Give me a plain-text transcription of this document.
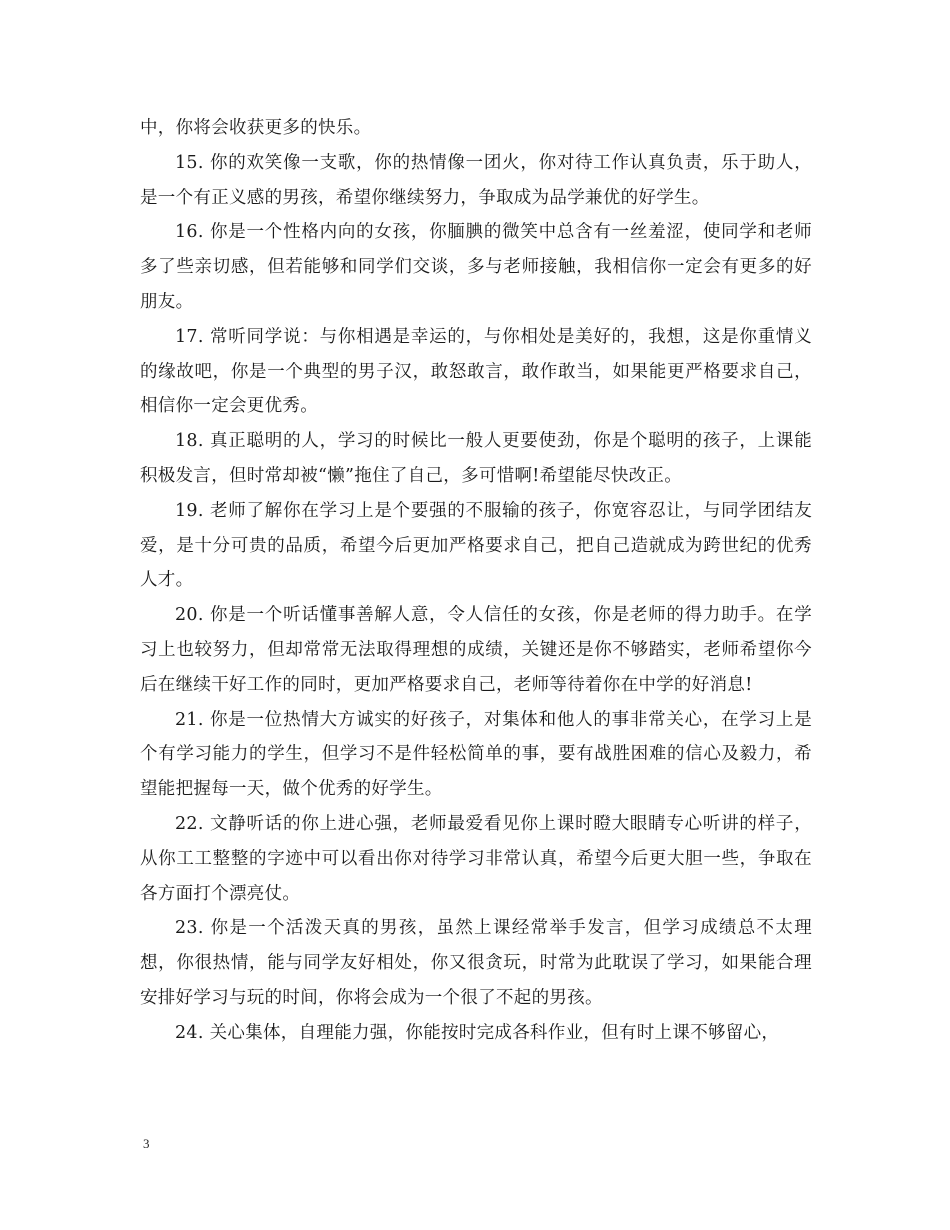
中，你将会收获更多的快乐。

15. 你的欢笑像一支歌，你的热情像一团火，你对待工作认真负责，乐于助人，是一个有正义感的男孩，希望你继续努力，争取成为品学兼优的好学生。

16. 你是一个性格内向的女孩，你腼腆的微笑中总含有一丝羞涩，使同学和老师多了些亲切感，但若能够和同学们交谈，多与老师接触，我相信你一定会有更多的好朋友。

17. 常听同学说：与你相遇是幸运的，与你相处是美好的，我想，这是你重情义的缘故吧，你是一个典型的男子汉，敢怒敢言，敢作敢当，如果能更严格要求自己，相信你一定会更优秀。

18. 真正聪明的人，学习的时候比一般人更要使劲，你是个聪明的孩子，上课能积极发言，但时常却被“懒”拖住了自己，多可惜啊!希望能尽快改正。

19. 老师了解你在学习上是个要强的不服输的孩子，你宽容忍让，与同学团结友爱，是十分可贵的品质，希望今后更加严格要求自己，把自己造就成为跨世纪的优秀人才。

20. 你是一个听话懂事善解人意，令人信任的女孩，你是老师的得力助手。在学习上也较努力，但却常常无法取得理想的成绩，关键还是你不够踏实，老师希望你今后在继续干好工作的同时，更加严格要求自己，老师等待着你在中学的好消息!

21. 你是一位热情大方诚实的好孩子，对集体和他人的事非常关心，在学习上是个有学习能力的学生，但学习不是件轻松简单的事，要有战胜困难的信心及毅力，希望能把握每一天，做个优秀的好学生。

22. 文静听话的你上进心强，老师最爱看见你上课时瞪大眼睛专心听讲的样子，从你工工整整的字迹中可以看出你对待学习非常认真，希望今后更大胆一些，争取在各方面打个漂亮仗。

23. 你是一个活泼天真的男孩，虽然上课经常举手发言，但学习成绩总不太理想，你很热情，能与同学友好相处，你又很贪玩，时常为此耽误了学习，如果能合理安排好学习与玩的时间，你将会成为一个很了不起的男孩。

24. 关心集体，自理能力强，你能按时完成各科作业，但有时上课不够留心，

3
